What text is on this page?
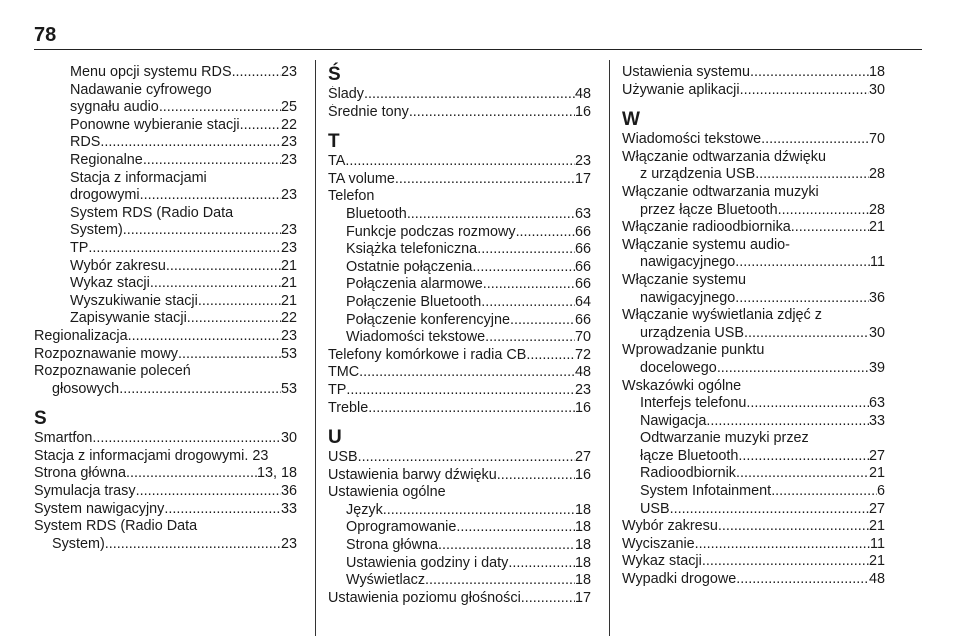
78
Menu opcji systemu RDS .....	23
Nadawanie cyfrowego
sygnału audio .....	25
Ponowne wybieranie stacji .....	22
RDS .....	23
Regionalne .....	23
Stacja z informacjami
drogowymi .....	23
System RDS (Radio Data
System) .....	23
TP .....	23
Wybór zakresu .....	21
Wykaz stacji .....	21
Wyszukiwanie stacji .....	21
Zapisywanie stacji .....	22
Regionalizacja .....	23
Rozpoznawanie mowy .....	53
Rozpoznawanie poleceń
głosowych .....	53
S
Smartfon .....	30
Stacja z informacjami drogowymi. 23
Strona główna .....	13, 18
Symulacja trasy .....	36
System nawigacyjny .....	33
System RDS (Radio Data
System) .....	23
Ś
Ślady .....	48
Średnie tony .....	16
T
TA .....	23
TA volume .....	17
Telefon
Bluetooth .....	63
Funkcje podczas rozmowy .....	66
Książka telefoniczna .....	66
Ostatnie połączenia .....	66
Połączenia alarmowe .....	66
Połączenie Bluetooth .....	64
Połączenie konferencyjne .....	66
Wiadomości tekstowe .....	70
Telefony komórkowe i radia CB .....	72
TMC .....	48
TP .....	23
Treble .....	16
U
USB .....	27
Ustawienia barwy dźwięku .....	16
Ustawienia ogólne
Język .....	18
Oprogramowanie .....	18
Strona główna .....	18
Ustawienia godziny i daty .....	18
Wyświetlacz .....	18
Ustawienia poziomu głośności .....	17
Ustawienia systemu .....	18
Używanie aplikacji .....	30
W
Wiadomości tekstowe .....	70
Włączanie odtwarzania dźwięku
z urządzenia USB .....	28
Włączanie odtwarzania muzyki
przez łącze Bluetooth .....	28
Włączanie radioodbiornika .....	21
Włączanie systemu audio-
nawigacyjnego .....	11
Włączanie systemu
nawigacyjnego .....	36
Włączanie wyświetlania zdjęć z
urządzenia USB .....	30
Wprowadzanie punktu
docelowego .....	39
Wskazówki ogólne
Interfejs telefonu .....	63
Nawigacja .....	33
Odtwarzanie muzyki przez
łącze Bluetooth .....	27
Radioodbiornik .....	21
System Infotainment .....	6
USB .....	27
Wybór zakresu .....	21
Wyciszanie .....	11
Wykaz stacji .....	21
Wypadki drogowe .....	48
